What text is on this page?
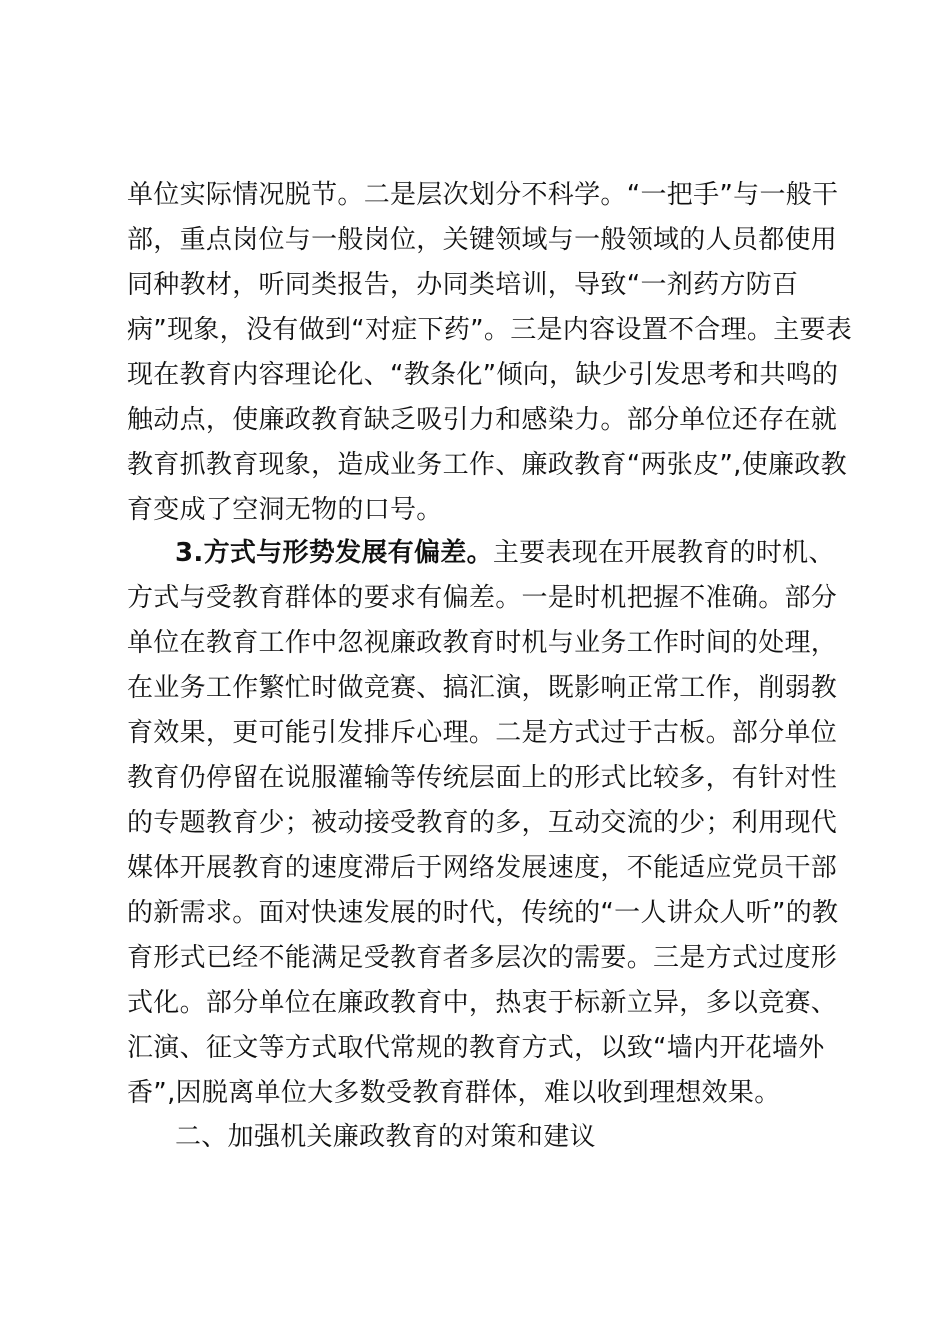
单位实际情况脱节。二是层次划分不科学。“一把手”与一般干
部，重点岗位与一般岗位，关键领域与一般领域的人员都使用
同种教材，听同类报告，办同类培训，导致“一剂药方防百
病”现象，没有做到“对症下药”。三是内容设置不合理。主要表
现在教育内容理论化、“教条化”倾向，缺少引发思考和共鸣的
触动点，使廉政教育缺乏吸引力和感染力。部分单位还存在就
教育抓教育现象，造成业务工作、廉政教育“两张皮”,使廉政教
育变成了空洞无物的口号。
3.方式与形势发展有偏差。主要表现在开展教育的时机、
方式与受教育群体的要求有偏差。一是时机把握不准确。部分
单位在教育工作中忽视廉政教育时机与业务工作时间的处理，
在业务工作繁忙时做竞赛、搞汇演，既影响正常工作，削弱教
育效果，更可能引发排斥心理。二是方式过于古板。部分单位
教育仍停留在说服灌输等传统层面上的形式比较多，有针对性
的专题教育少；被动接受教育的多，互动交流的少；利用现代
媒体开展教育的速度滞后于网络发展速度，不能适应党员干部
的新需求。面对快速发展的时代，传统的“一人讲众人听”的教
育形式已经不能满足受教育者多层次的需要。三是方式过度形
式化。部分单位在廉政教育中，热衷于标新立异，多以竞赛、
汇演、征文等方式取代常规的教育方式，以致“墙内开花墙外
香”,因脱离单位大多数受教育群体，难以收到理想效果。
二、加强机关廉政教育的对策和建议
